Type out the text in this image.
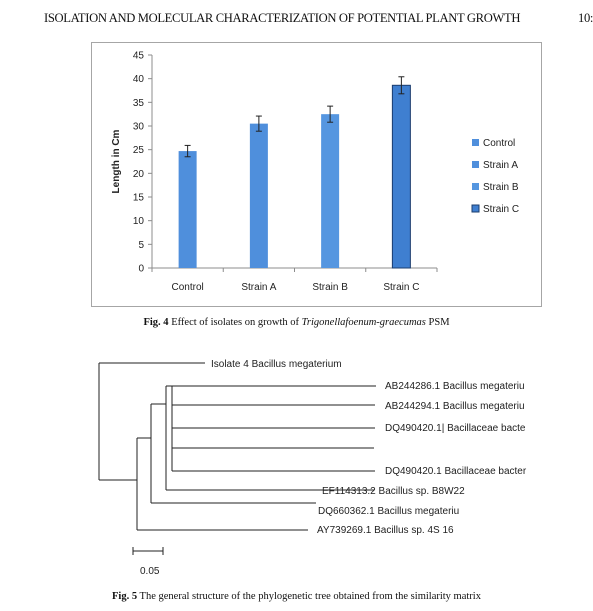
ISOLATION AND MOLECULAR CHARACTERIZATION OF POTENTIAL PLANT GROWTH	10:
0
5
10
15
20
25
30
35
40
45
Length in Cm
Control	Strain A	Strain B	Strain C
Control
Strain A
Strain B
Strain C
Fig. 4 Effect of isolates on growth of Trigonellafoenum-graecumas PSM
Isolate 4 Bacillus megaterium
AB244286.1 Bacillus megateriu
AB244294.1 Bacillus megateriu
DQ490420.1| Bacillaceae bacte
DQ490420.1 Bacillaceae bacter
EF114313.2 Bacillus sp. B8W22
DQ660362.1 Bacillus megateriu
AY739269.1 Bacillus sp. 4S 16
0.05
Fig. 5 The general structure of the phylogenetic tree obtained from the similarity matrix
